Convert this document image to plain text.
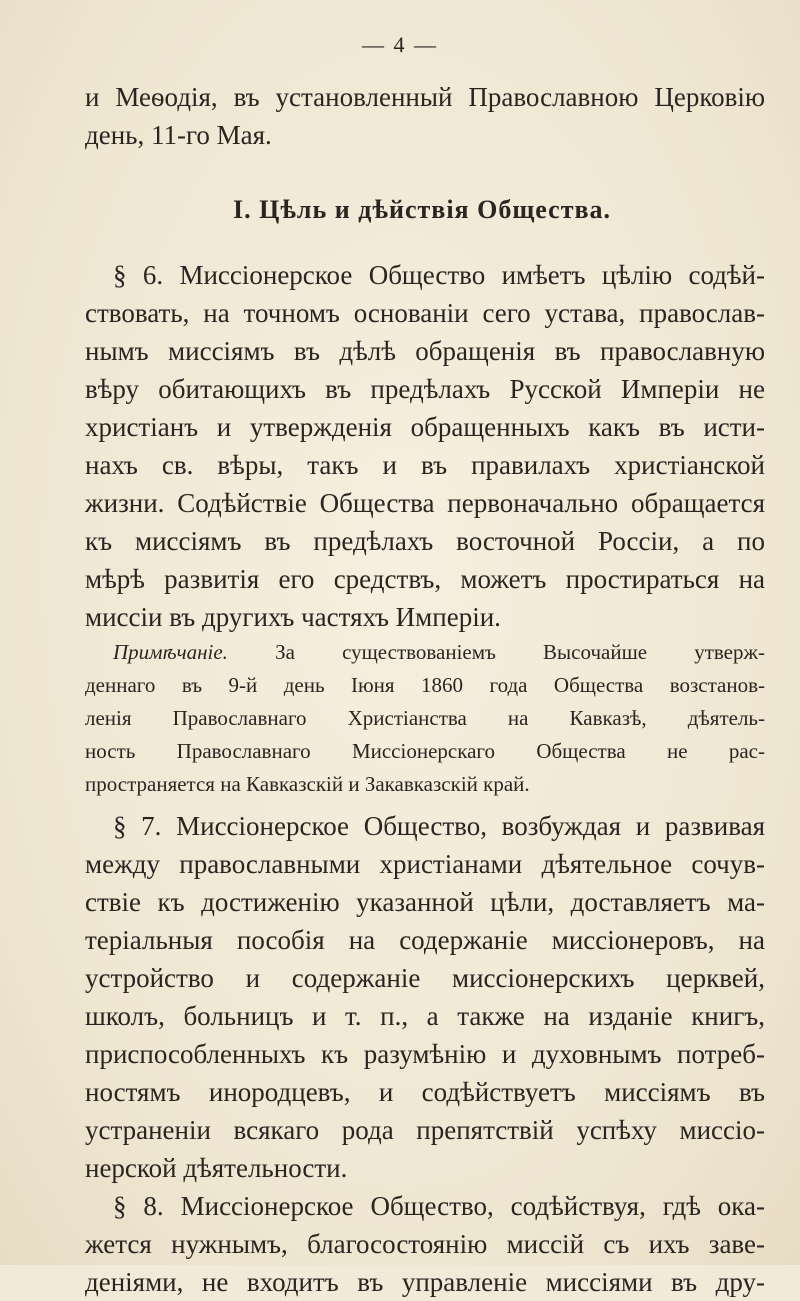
— 4 —
и Меѳодія, въ установленный Православною Церковію
день, 11-го Мая.
I. Цѣль и дѣйствія Общества.
§ 6. Миссіонерское Общество имѣетъ цѣлію содѣй-
ствовать, на точномъ основаніи сего устава, православ-
нымъ миссіямъ въ дѣлѣ обращенія въ православную
вѣру обитающихъ въ предѣлахъ Русской Имперіи не
христіанъ и утвержденія обращенныхъ какъ въ исти-
нахъ св. вѣры, такъ и въ правилахъ христіанской
жизни. Содѣйствіе Общества первоначально обращается
къ миссіямъ въ предѣлахъ восточной Россіи, а по
мѣрѣ развитія его средствъ, можетъ простираться на
миссіи въ другихъ частяхъ Имперіи.
Примѣчаніе. За существованіемъ Высочайше утверж-
деннаго въ 9-й день Іюня 1860 года Общества возстанов-
ленія Православнаго Христіанства на Кавказѣ, дѣятель-
ность Православнаго Миссіонерскаго Общества не рас-
пространяется на Кавказскій и Закавказскій край.
§ 7. Миссіонерское Общество, возбуждая и развивая
между православными христіанами дѣятельное сочув-
ствіе къ достиженію указанной цѣли, доставляетъ ма-
теріальныя пособія на содержаніе миссіонеровъ, на
устройство и содержаніе миссіонерскихъ церквей,
школъ, больницъ и т. п., а также на изданіе книгъ,
приспособленныхъ къ разумѣнію и духовнымъ потреб-
ностямъ инородцевъ, и содѣйствуетъ миссіямъ въ
устраненіи всякаго рода препятствій успѣху миссіо-
нерской дѣятельности.
§ 8. Миссіонерское Общество, содѣйствуя, гдѣ ока-
жется нужнымъ, благосостоянію миссій съ ихъ заве-
деніями, не входитъ въ управленіе миссіями въ дру-
